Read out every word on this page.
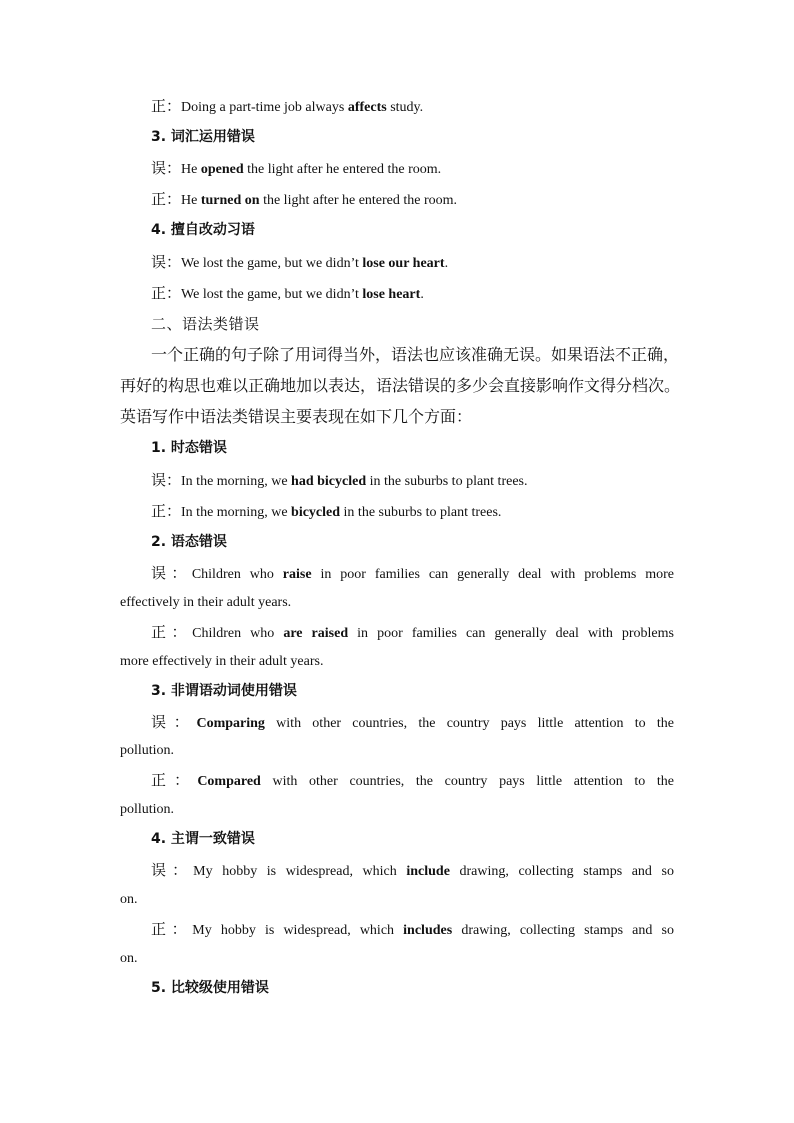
正：Doing a part-time job always affects study.
3. 词汇运用错误
误：He opened the light after he entered the room.
正：He turned on the light after he entered the room.
4. 擅自改动习语
误：We lost the game, but we didn’t lose our heart.
正：We lost the game, but we didn’t lose heart.
二、语法类错误
一个正确的句子除了用词得当外，语法也应该准确无误。如果语法不正确，
再好的构思也难以正确地加以表达，语法错误的多少会直接影响作文得分档次。
英语写作中语法类错误主要表现在如下几个方面：
1. 时态错误
误：In the morning, we had bicycled in the suburbs to plant trees.
正：In the morning, we bicycled in the suburbs to plant trees.
2. 语态错误
误：Children who raise in poor families can generally deal with problems more
effectively in their adult years.
正：Children who are raised in poor families can generally deal with problems
more effectively in their adult years.
3. 非谓语动词使用错误
误：Comparing with other countries, the country pays little attention to the
pollution.
正：Compared with other countries, the country pays little attention to the
pollution.
4. 主谓一致错误
误：My hobby is widespread, which include drawing, collecting stamps and so
on.
正：My hobby is widespread, which includes drawing, collecting stamps and so
on.
5. 比较级使用错误
